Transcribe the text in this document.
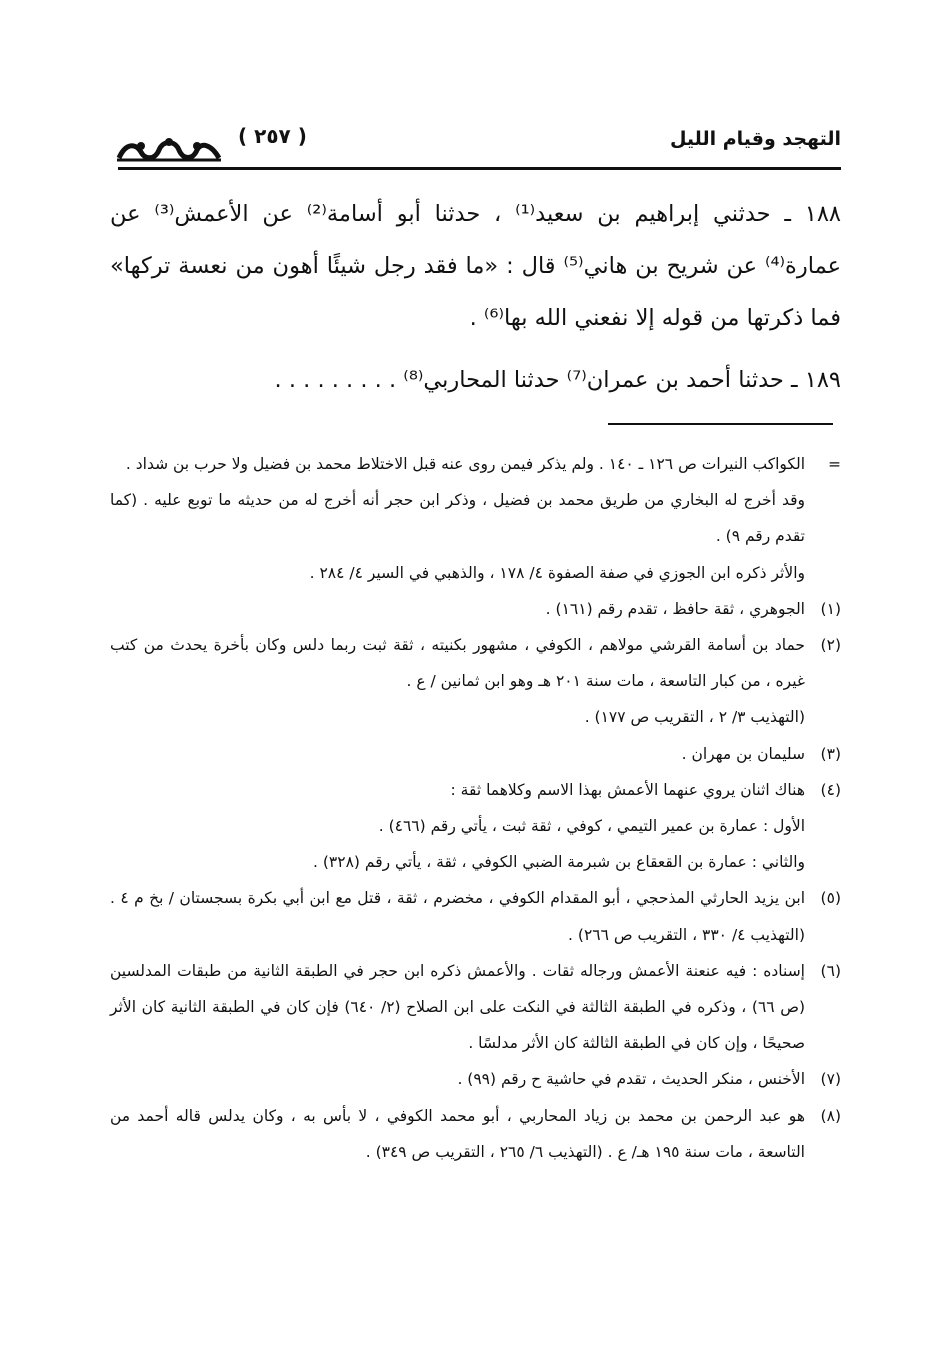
التهجد وقيام الليل
( ٢٥٧ )

١٨٨ ـ حدثني إبراهيم بن سعيد⁽¹⁾ ، حدثنا أبو أسامة⁽²⁾ عن الأعمش⁽³⁾ عن عمارة⁽⁴⁾ عن شريح بن هاني⁽⁵⁾ قال : «ما فقد رجل شيئًا أهون من نعسة تركها» فما ذكرتها من قوله إلا نفعني الله بها⁽⁶⁾ .

١٨٩ ـ حدثنا أحمد بن عمران⁽⁷⁾ حدثنا المحاربي⁽⁸⁾ . . . . . . . . .

=
الكواكب النيرات ص ١٢٦ ـ ١٤٠ . ولم يذكر فيمن روى عنه قبل الاختلاط محمد بن فضيل ولا حرب بن شداد .
وقد أخرج له البخاري من طريق محمد بن فضيل ، وذكر ابن حجر أنه أخرج له من حديثه ما توبع عليه . (كما تقدم رقم ٩) .
والأثر ذكره ابن الجوزي في صفة الصفوة ٤/ ١٧٨ ، والذهبي في السير ٤/ ٢٨٤ .
(١)
الجوهري ، ثقة حافظ ، تقدم رقم (١٦١) .
(٢)
حماد بن أسامة القرشي مولاهم ، الكوفي ، مشهور بكنيته ، ثقة ثبت ربما دلس وكان بأخرة يحدث من كتب غيره ، من كبار التاسعة ، مات سنة ٢٠١ هـ وهو ابن ثمانين / ع .
(التهذيب ٣/ ٢ ، التقريب ص ١٧٧) .
(٣)
سليمان بن مهران .
(٤)
هناك اثنان يروي عنهما الأعمش بهذا الاسم وكلاهما ثقة :
الأول : عمارة بن عمير التيمي ، كوفي ، ثقة ثبت ، يأتي رقم (٤٦٦) .
والثاني : عمارة بن القعقاع بن شبرمة الضبي الكوفي ، ثقة ، يأتي رقم (٣٢٨) .
(٥)
ابن يزيد الحارثي المذحجي ، أبو المقدام الكوفي ، مخضرم ، ثقة ، قتل مع ابن أبي بكرة بسجستان / بخ م ٤ . (التهذيب ٤/ ٣٣٠ ، التقريب ص ٢٦٦) .
(٦)
إسناده : فيه عنعنة الأعمش ورجاله ثقات . والأعمش ذكره ابن حجر في الطبقة الثانية من طبقات المدلسين (ص ٦٦) ، وذكره في الطبقة الثالثة في النكت على ابن الصلاح (٢/ ٦٤٠) فإن كان في الطبقة الثانية كان الأثر صحيحًا ، وإن كان في الطبقة الثالثة كان الأثر مدلسًا .
(٧)
الأخنس ، منكر الحديث ، تقدم في حاشية ح رقم (٩٩) .
(٨)
هو عبد الرحمن بن محمد بن زياد المحاربي ، أبو محمد الكوفي ، لا بأس به ، وكان يدلس قاله أحمد من التاسعة ، مات سنة ١٩٥ هـ/ ع . (التهذيب ٦/ ٢٦٥ ، التقريب ص ٣٤٩) .
